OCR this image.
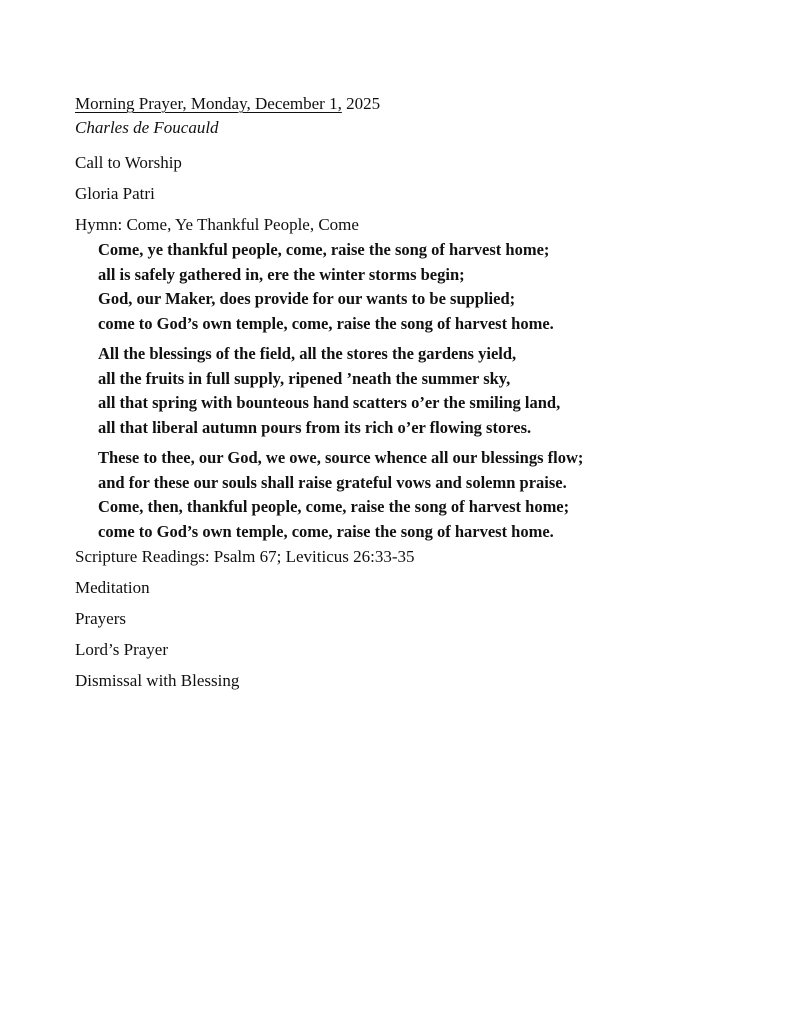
Morning Prayer, Monday, December 1, 2025
Charles de Foucauld
Call to Worship
Gloria Patri
Hymn: Come, Ye Thankful People, Come
Come, ye thankful people, come, raise the song of harvest home;
all is safely gathered in, ere the winter storms begin;
God, our Maker, does provide for our wants to be supplied;
come to God’s own temple, come, raise the song of harvest home.
All the blessings of the field, all the stores the gardens yield,
all the fruits in full supply, ripened ’neath the summer sky,
all that spring with bounteous hand scatters o’er the smiling land,
all that liberal autumn pours from its rich o’er flowing stores.
These to thee, our God, we owe, source whence all our blessings flow;
and for these our souls shall raise grateful vows and solemn praise.
Come, then, thankful people, come, raise the song of harvest home;
come to God’s own temple, come, raise the song of harvest home.
Scripture Readings: Psalm 67; Leviticus 26:33-35
Meditation
Prayers
Lord’s Prayer
Dismissal with Blessing
